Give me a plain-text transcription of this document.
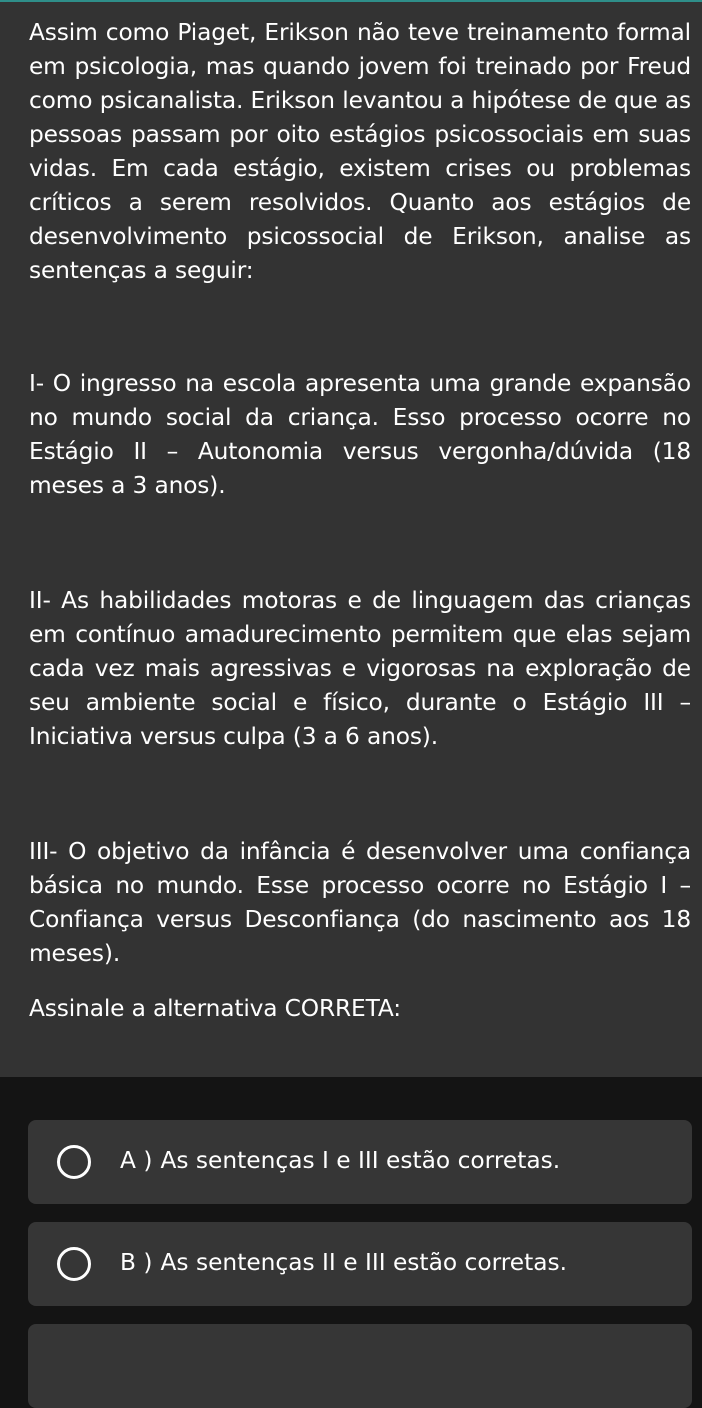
Assim como Piaget, Erikson não teve treinamento formal em psicologia, mas quando jovem foi treinado por Freud como psicanalista. Erikson levantou a hipótese de que as pessoas passam por oito estágios psicossociais em suas vidas. Em cada estágio, existem crises ou problemas críticos a serem resolvidos. Quanto aos estágios de desenvolvimento psicossocial de Erikson, analise as sentenças a seguir:

I- O ingresso na escola apresenta uma grande expansão no mundo social da criança. Esso processo ocorre no Estágio II – Autonomia versus vergonha/dúvida (18 meses a 3 anos).

II- As habilidades motoras e de linguagem das crianças em contínuo amadurecimento permitem que elas sejam cada vez mais agressivas e vigorosas na exploração de seu ambiente social e físico, durante o Estágio III – Iniciativa versus culpa (3 a 6 anos).

III- O objetivo da infância é desenvolver uma confiança básica no mundo. Esse processo ocorre no Estágio I – Confiança versus Desconfiança (do nascimento aos 18 meses).

Assinale a alternativa CORRETA:

A ) As sentenças I e III estão corretas.
B ) As sentenças II e III estão corretas.
